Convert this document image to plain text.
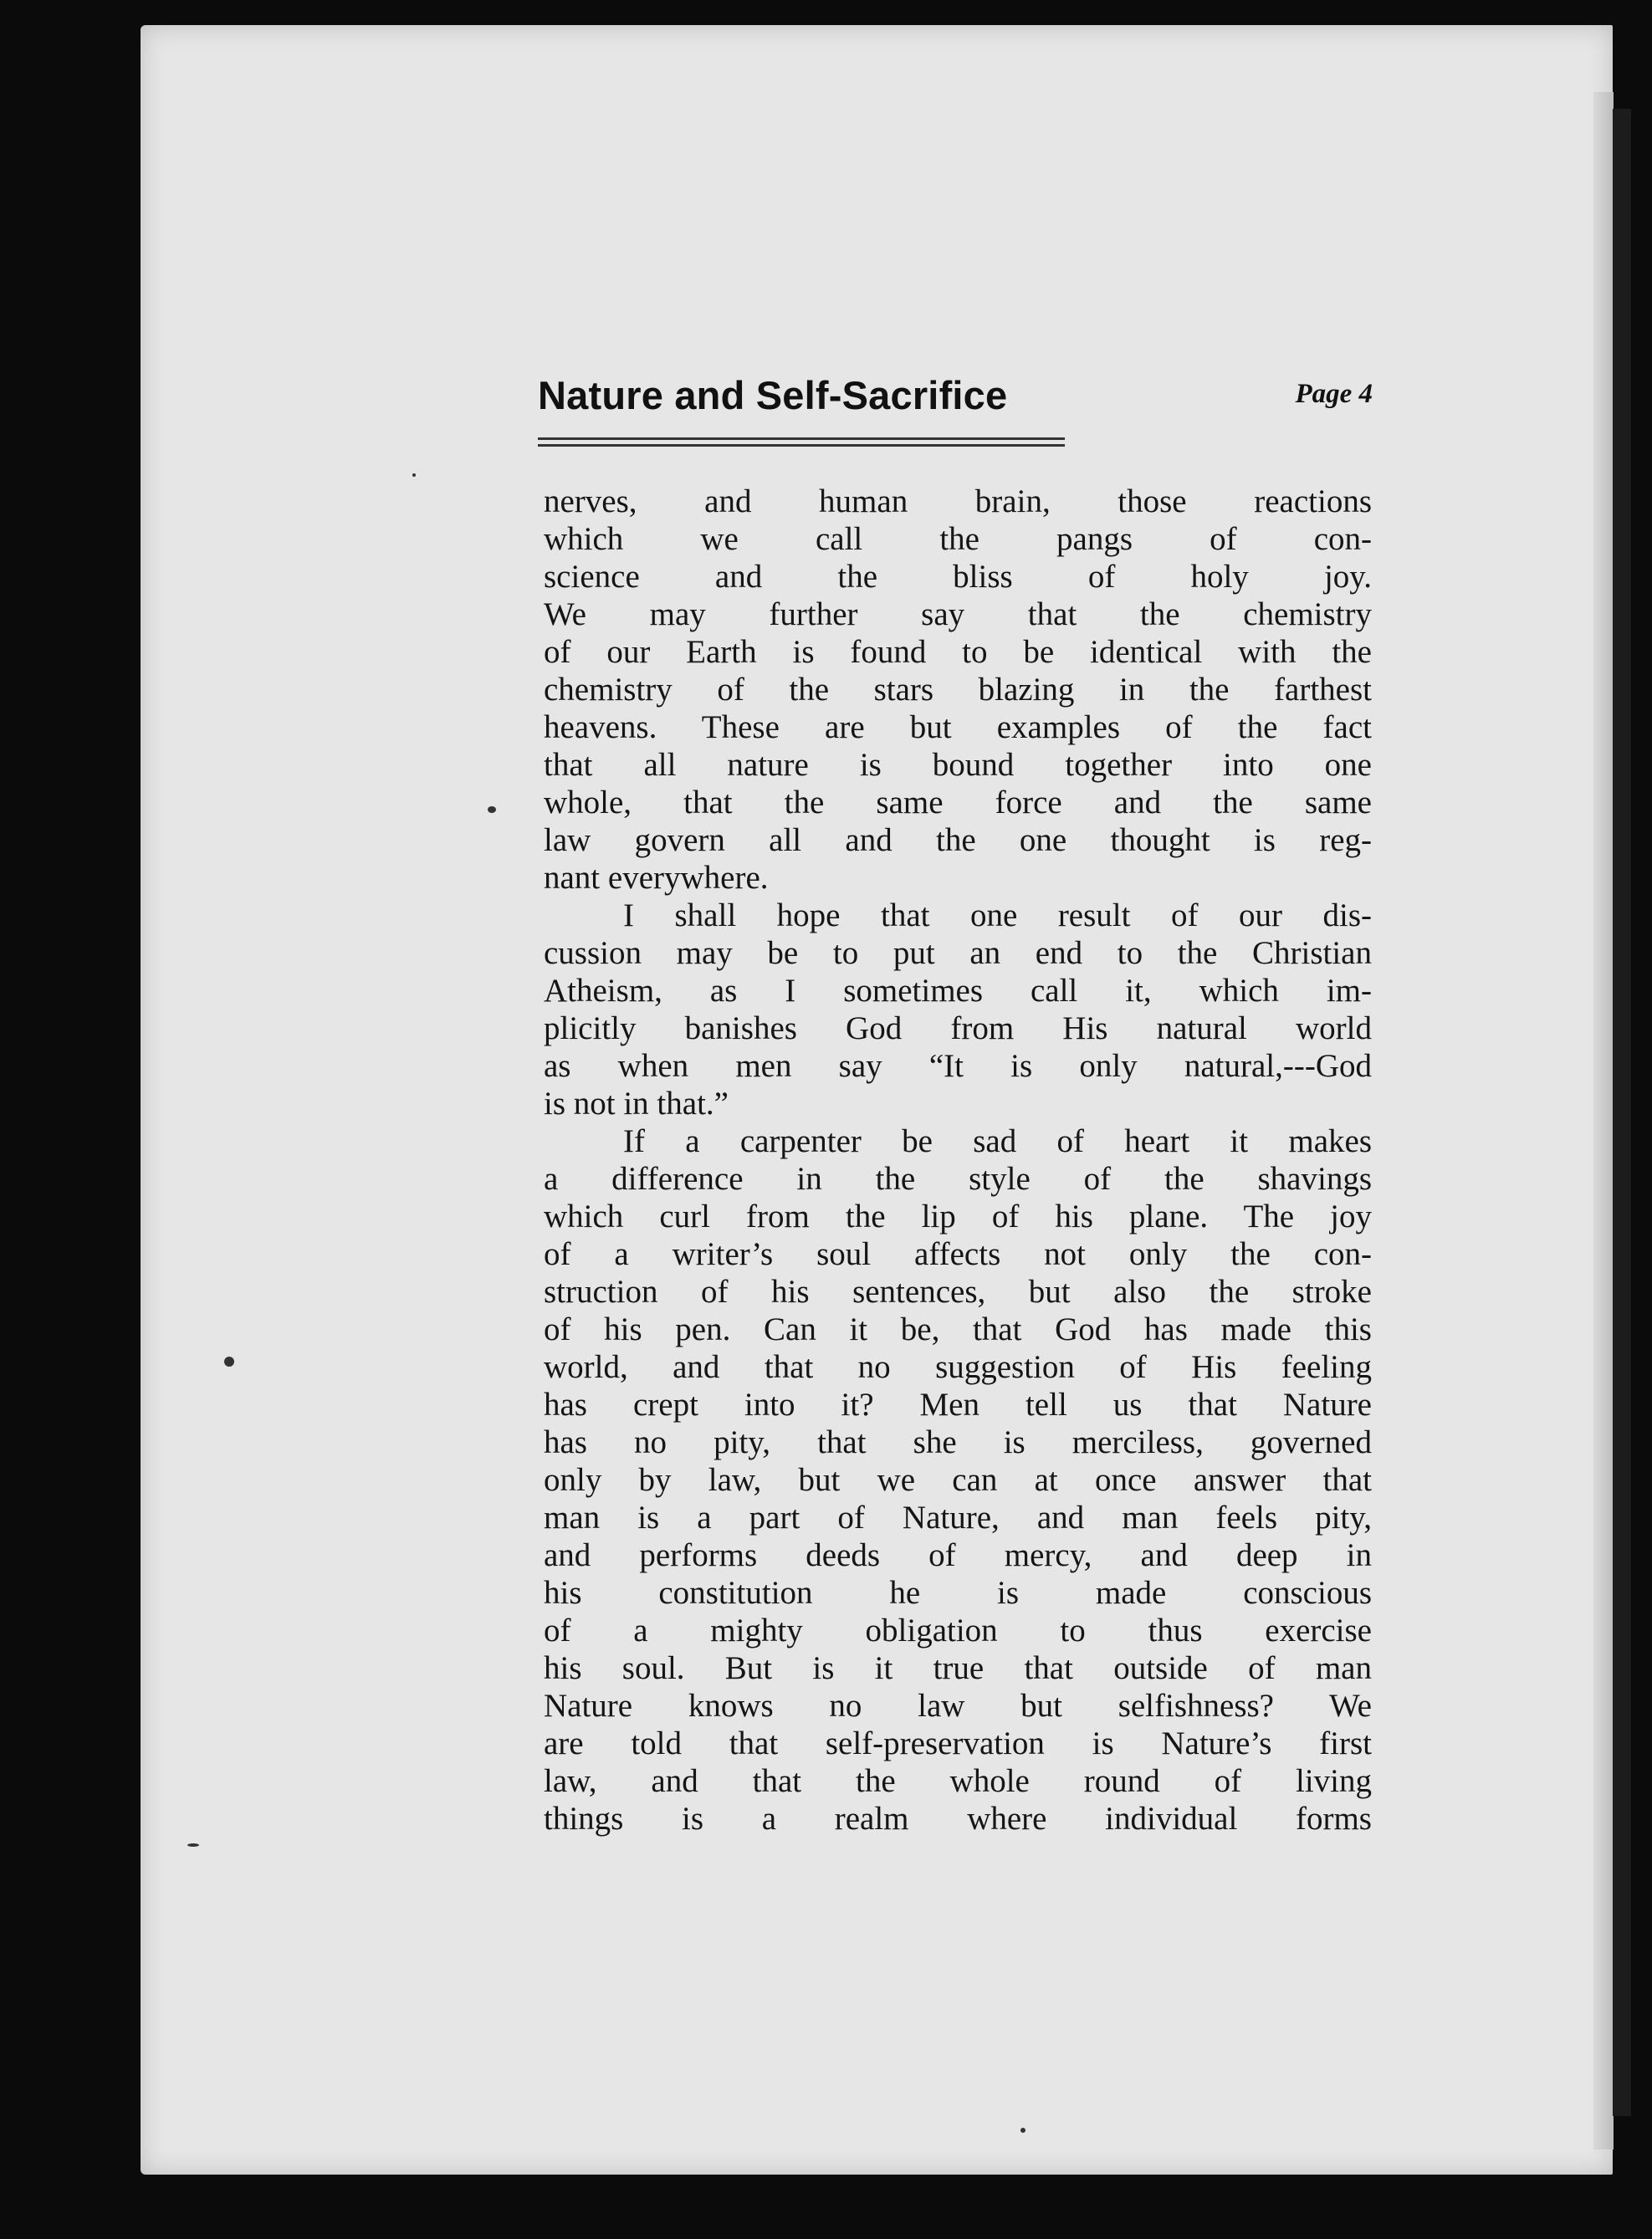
Nature and Self-Sacrifice	Page 4
nerves, and human brain, those reactions
which we call the pangs of con-
science and the bliss of holy joy.
We may further say that the chemistry
of our Earth is found to be identical with the
chemistry of the stars blazing in the farthest
heavens. These are but examples of the fact
that all nature is bound together into one
whole, that the same force and the same
law govern all and the one thought is reg-
nant everywhere.
I shall hope that one result of our dis-
cussion may be to put an end to the Christian
Atheism, as I sometimes call it, which im-
plicitly banishes God from His natural world
as when men say “It is only natural,---God
is not in that.”
If a carpenter be sad of heart it makes
a difference in the style of the shavings
which curl from the lip of his plane. The joy
of a writer’s soul affects not only the con-
struction of his sentences, but also the stroke
of his pen. Can it be, that God has made this
world, and that no suggestion of His feeling
has crept into it? Men tell us that Nature
has no pity, that she is merciless, governed
only by law, but we can at once answer that
man is a part of Nature, and man feels pity,
and performs deeds of mercy, and deep in
his constitution he is made conscious
of a mighty obligation to thus exercise
his soul. But is it true that outside of man
Nature knows no law but selfishness? We
are told that self-preservation is Nature’s first
law, and that the whole round of living
things is a realm where individual forms
